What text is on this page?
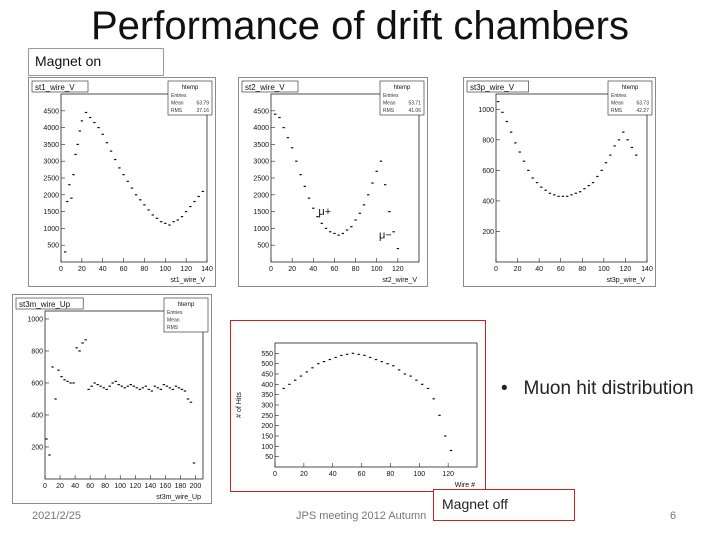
Performance of drift chambers
Magnet on
st1_wire_V	htemp
Entries
Mean	63.79
RMS	37.16
0 20 40 60 80 100 120 140
500
1000
1500
2000
2500
3000
3500
4000
4500
st1_wire_V
st2_wire_V	htemp
Entries
Mean	53.71
RMS	41.06
0 20 40 60 80 100 120
500
1000
1500
2000
2500
3000
3500
4000
4500
st2_wire_V
μ+
μ−
st3p_wire_V	htemp
Entries
Mean	63.73
RMS	42.27
0 20 40 60 80 100 120 140
200
400
600
800
1000
st3p_wire_V
st3m_wire_Up	htemp
Entries
Mean
RMS
0 20 40 60 80 100 120 140 160 180 200
200
400
600
800
1000
st3m_wire_Up
0	20	40	60	80	100 120
50
100
150
200
250
300
350
400
450
500
550
Wire #
# of Hits
•   Muon hit distribution
Magnet off
2021/2/25	JPS meeting 2012 Autumn	6
